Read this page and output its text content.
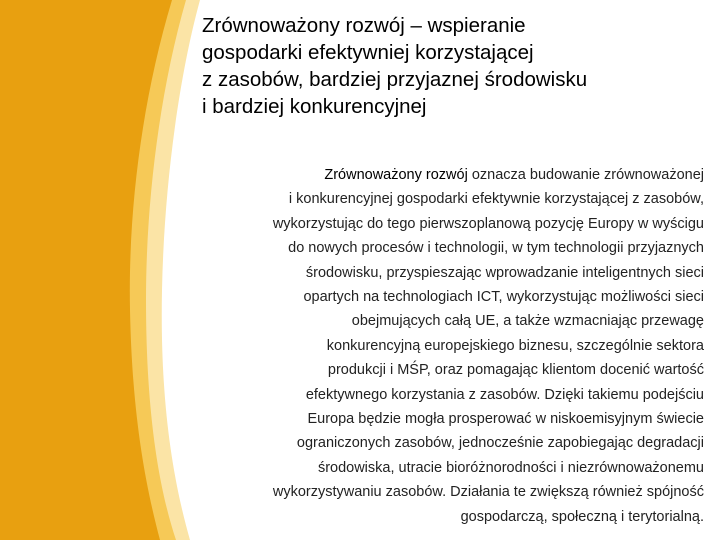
Zrównoważony rozwój – wspieranie
gospodarki efektywniej korzystającej
z zasobów, bardziej przyjaznej środowisku
i bardziej konkurencyjnej
Zrównoważony rozwój oznacza budowanie zrównoważonej
i konkurencyjnej gospodarki efektywnie korzystającej z zasobów,
wykorzystując do tego pierwszoplanową pozycję Europy w wyścigu
do nowych procesów i technologii, w tym technologii przyjaznych
środowisku, przyspieszając wprowadzanie inteligentnych sieci
opartych na technologiach ICT, wykorzystując możliwości sieci
obejmujących całą UE, a także wzmacniając przewagę
konkurencyjną europejskiego biznesu, szczególnie sektora
produkcji i MŚP, oraz pomagając klientom docenić wartość
efektywnego korzystania z zasobów. Dzięki takiemu podejściu
Europa będzie mogła prosperować w niskoemisyjnym świecie
ograniczonych zasobów, jednocześnie zapobiegając degradacji
środowiska, utracie bioróżnorodności i niezrównoważonemu
wykorzystywaniu zasobów. Działania te zwiększą również spójność
gospodarczą, społeczną i terytorialną.
